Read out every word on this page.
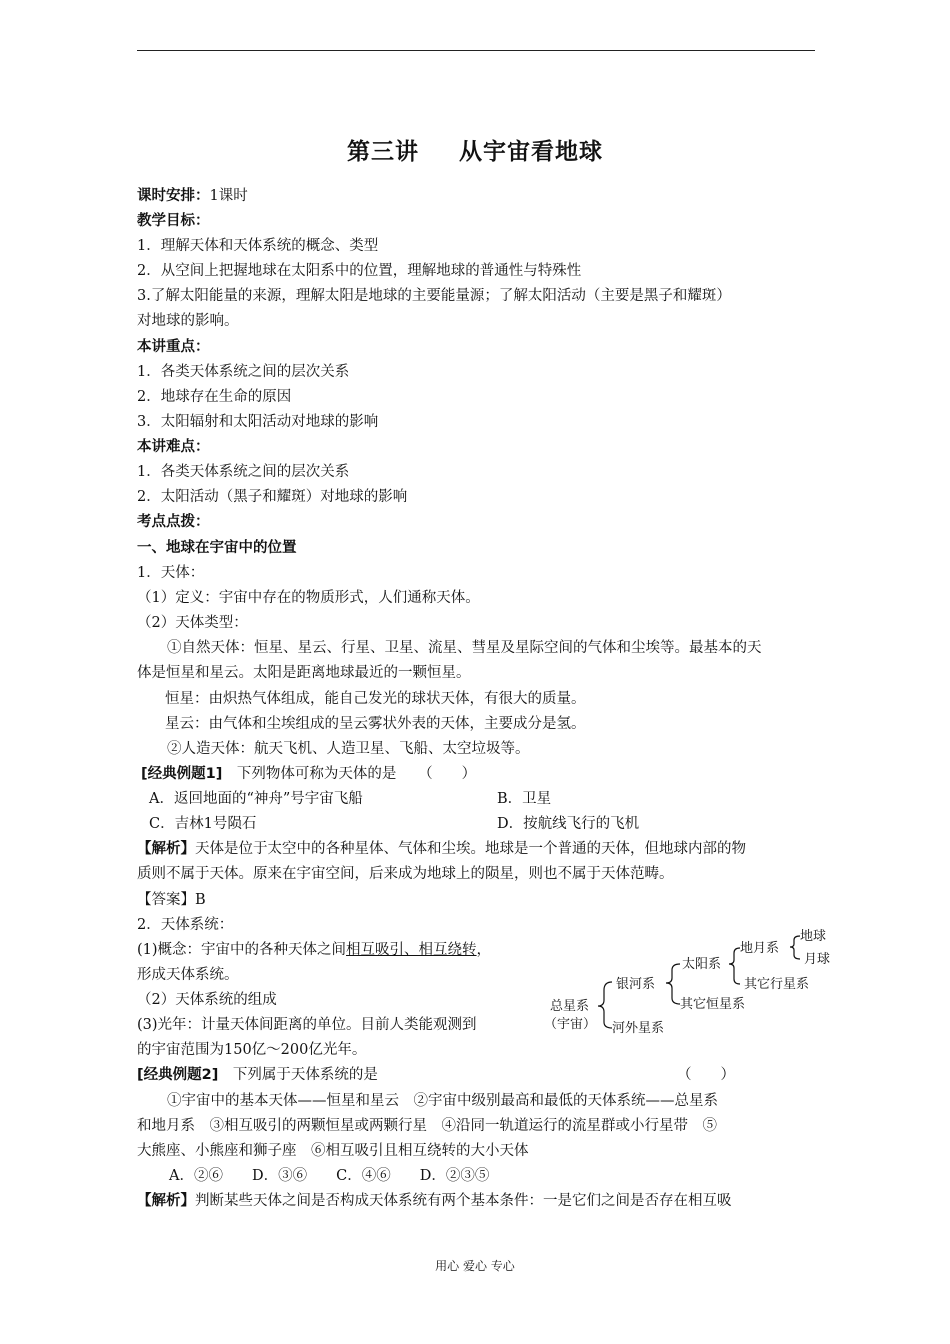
第三讲 从宇宙看地球
课时安排：1课时
教学目标：
1．理解天体和天体系统的概念、类型
2．从空间上把握地球在太阳系中的位置，理解地球的普通性与特殊性
3.了解太阳能量的来源，理解太阳是地球的主要能量源；了解太阳活动（主要是黑子和耀斑）
对地球的影响。
本讲重点：
1．各类天体系统之间的层次关系
2．地球存在生命的原因
3．太阳辐射和太阳活动对地球的影响
本讲难点：
1．各类天体系统之间的层次关系
2．太阳活动（黑子和耀斑）对地球的影响
考点点拨：
一、地球在宇宙中的位置
1．天体：
（1）定义：宇宙中存在的物质形式，人们通称天体。
（2）天体类型：
①自然天体：恒星、星云、行星、卫星、流星、彗星及星际空间的气体和尘埃等。最基本的天
体是恒星和星云。太阳是距离地球最近的一颗恒星。
恒星：由炽热气体组成，能自己发光的球状天体，有很大的质量。
星云：由气体和尘埃组成的呈云雾状外表的天体，主要成分是氢。
②人造天体：航天飞机、人造卫星、飞船、太空垃圾等。
[经典例题1]　下列物体可称为天体的是　　（　　）
A．返回地面的“神舟”号宇宙飞船	B．卫星
C．吉林1号陨石	D．按航线飞行的飞机
【解析】天体是位于太空中的各种星体、气体和尘埃。地球是一个普通的天体，但地球内部的物
质则不属于天体。原来在宇宙空间，后来成为地球上的陨星，则也不属于天体范畴。
【答案】B
2．天体系统：
(1)概念：宇宙中的各种天体之间相互吸引、相互绕转，
形成天体系统。
（2）天体系统的组成
(3)光年：计量天体间距离的单位。目前人类能观测到
的宇宙范围为150亿～200亿光年。
[经典例题2]　下列属于天体系统的是	（　　）
①宇宙中的基本天体——恒星和星云　②宇宙中级别最高和最低的天体系统——总星系
和地月系　③相互吸引的两颗恒星或两颗行星　④沿同一轨道运行的流星群或小行星带　⑤
大熊座、小熊座和狮子座　⑥相互吸引且相互绕转的大小天体
A．②⑥　　D．③⑥　　C．④⑥　　D．②③⑤
【解析】判断某些天体之间是否构成天体系统有两个基本条件：一是它们之间是否存在相互吸
总星系
（宇宙）
银河系
河外星系
太阳系
其它恒星系
地月系
其它行星系
地球
月球
用心 爱心 专心
